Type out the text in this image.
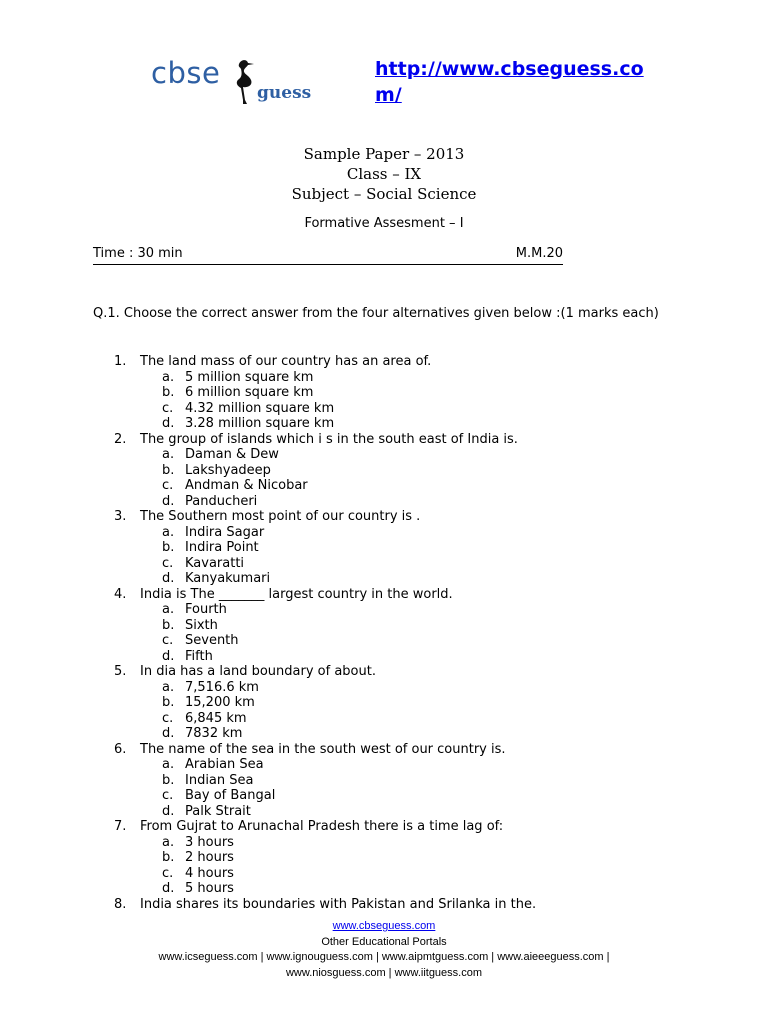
cbse
guess
http://www.cbseguess.com/
Sample Paper – 2013
Class – IX
Subject – Social Science
Formative Assesment – I
Time : 30 min	M.M.20
Q.1. Choose the correct answer from the four alternatives given below :(1 marks each)
1. The land mass of our country has an area of.
a. 5 million square km
b. 6 million square km
c. 4.32 million square km
d. 3.28 million square km
2. The group of islands which i s in the south east of India is.
a. Daman & Dew
b. Lakshyadeep
c. Andman & Nicobar
d. Panducheri
3. The Southern most point of our country is .
a. Indira Sagar
b. Indira Point
c. Kavaratti
d. Kanyakumari
4. India is The _______ largest country in the world.
a. Fourth
b. Sixth
c. Seventh
d. Fifth
5. In dia has a land boundary of about.
a. 7,516.6 km
b. 15,200 km
c. 6,845 km
d. 7832 km
6. The name of the sea in the south west of our country is.
a. Arabian Sea
b. Indian Sea
c. Bay of Bangal
d. Palk Strait
7. From Gujrat to Arunachal Pradesh there is a time lag of:
a. 3 hours
b. 2 hours
c. 4 hours
d. 5 hours
8. India shares its boundaries with Pakistan and Srilanka in the.
www.cbseguess.com
Other Educational Portals
www.icseguess.com | www.ignouguess.com | www.aipmtguess.com | www.aieeeguess.com |
www.niosguess.com | www.iitguess.com
